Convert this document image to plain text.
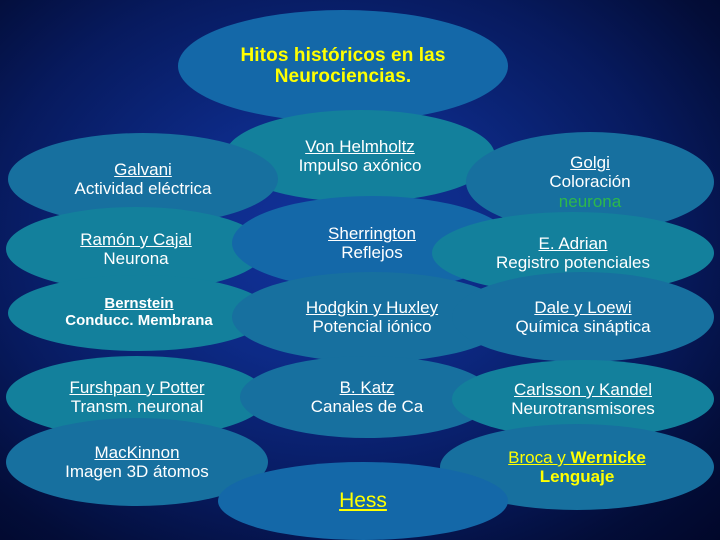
Hitos históricos en las
Neurociencias.
Von Helmholtz
Impulso axónico
Galvani
Actividad eléctrica
Golgi
Coloración
neurona
Ramón y Cajal
Neurona
Sherrington
Reflejos	E. Adrian
Registro potenciales
Bernstein
Conducc. Membrana
Hodgkin y Huxley
Potencial iónico
Dale y Loewi
Química sináptica
Furshpan y Potter
Transm. neuronal
B. Katz
Canales de Ca
Carlsson y Kandel
Neurotransmisores
MacKinnon
Imagen 3D átomos
Broca y Wernicke
Lenguaje
Hess
